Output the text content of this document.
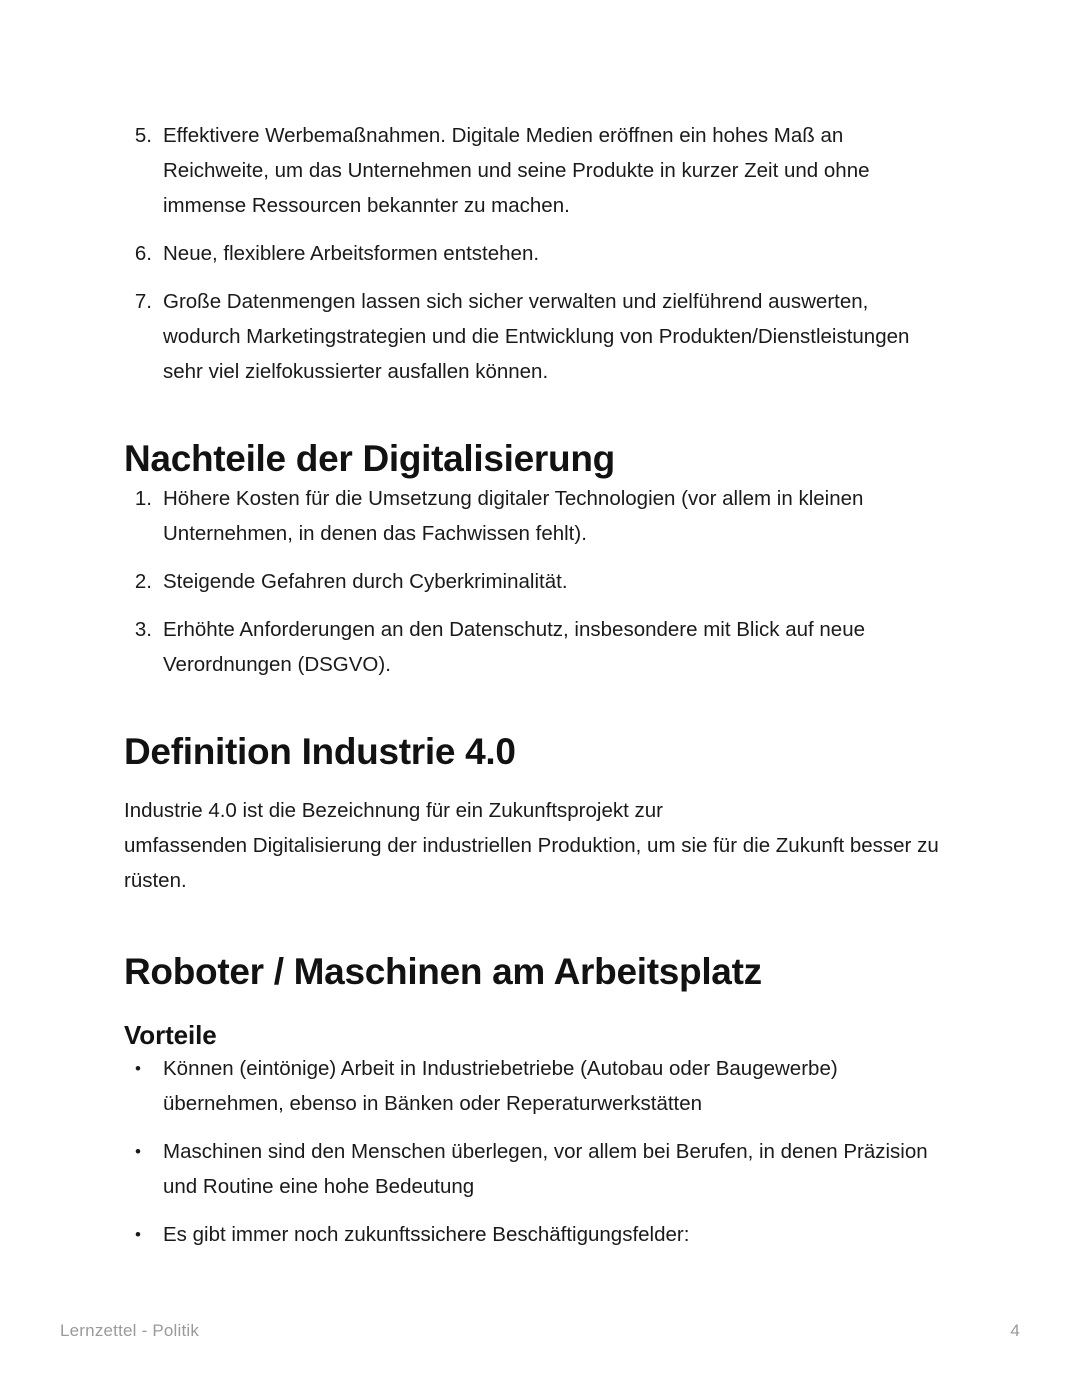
5. Effektivere Werbemaßnahmen. Digitale Medien eröffnen ein hohes Maß an Reichweite, um das Unternehmen und seine Produkte in kurzer Zeit und ohne immense Ressourcen bekannter zu machen.
6. Neue, flexiblere Arbeitsformen entstehen.
7. Große Datenmengen lassen sich sicher verwalten und zielführend auswerten, wodurch Marketingstrategien und die Entwicklung von Produkten/Dienstleistungen sehr viel zielfokussierter ausfallen können.
Nachteile der Digitalisierung
1. Höhere Kosten für die Umsetzung digitaler Technologien (vor allem in kleinen Unternehmen, in denen das Fachwissen fehlt).
2. Steigende Gefahren durch Cyberkriminalität.
3. Erhöhte Anforderungen an den Datenschutz, insbesondere mit Blick auf neue Verordnungen (DSGVO).
Definition Industrie 4.0

Industrie 4.0 ist die Bezeichnung für ein Zukunftsprojekt zur
umfassenden Digitalisierung der industriellen Produktion, um sie für die Zukunft besser zu rüsten.

Roboter / Maschinen am Arbeitsplatz
Vorteile
•	Können (eintönige) Arbeit in Industriebetriebe (Autobau oder Baugewerbe) übernehmen, ebenso in Bänken oder Reperaturwerkstätten
•	Maschinen sind den Menschen überlegen, vor allem bei Berufen, in denen Präzision und Routine eine hohe Bedeutung
•	Es gibt immer noch zukunftssichere Beschäftigungsfelder:
Lernzettel - Politik	4
